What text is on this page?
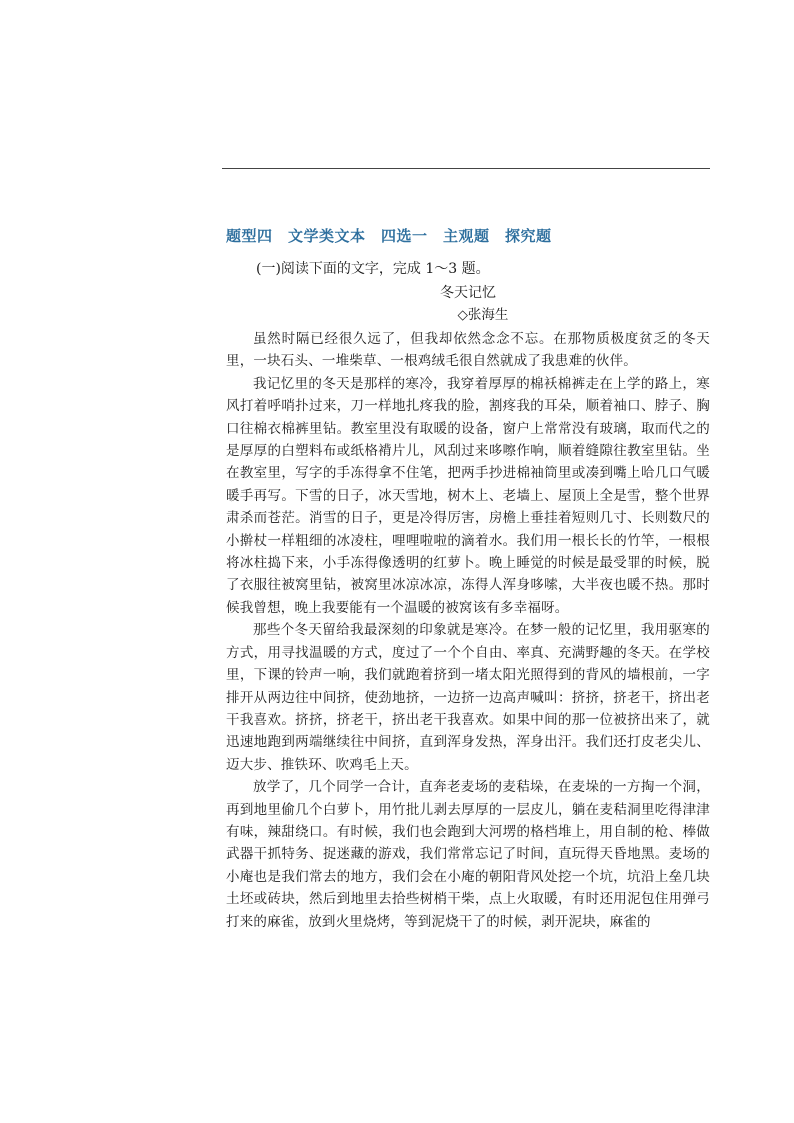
题型四　文学类文本　四选一　主观题　探究题
(一)阅读下面的文字，完成 1～3 题。
冬天记忆
◇张海生

虽然时隔已经很久远了，但我却依然念念不忘。在那物质极度贫乏的冬天里，一块石头、一堆柴草、一根鸡绒毛很自然就成了我患难的伙伴。

我记忆里的冬天是那样的寒冷，我穿着厚厚的棉袄棉裤走在上学的路上，寒风打着呼哨扑过来，刀一样地扎疼我的脸，割疼我的耳朵，顺着袖口、脖子、胸口往棉衣棉裤里钻。教室里没有取暖的设备，窗户上常常没有玻璃，取而代之的是厚厚的白塑料布或纸格褙片儿，风刮过来哆嚓作响，顺着缝隙往教室里钻。坐在教室里，写字的手冻得拿不住笔，把两手抄进棉袖筒里或凑到嘴上哈几口气暖暖手再写。下雪的日子，冰天雪地，树木上、老墙上、屋顶上全是雪，整个世界肃杀而苍茫。消雪的日子，更是冷得厉害，房檐上垂挂着短则几寸、长则数尺的小擀杖一样粗细的冰凌柱，哩哩啦啦的滴着水。我们用一根长长的竹竿，一根根将冰柱捣下来，小手冻得像透明的红萝卜。晚上睡觉的时候是最受罪的时候，脱了衣服往被窝里钻，被窝里冰凉冰凉，冻得人浑身哆嗦，大半夜也暖不热。那时候我曾想，晚上我要能有一个温暖的被窝该有多幸福呀。

那些个冬天留给我最深刻的印象就是寒冷。在梦一般的记忆里，我用驱寒的方式，用寻找温暖的方式，度过了一个个自由、率真、充满野趣的冬天。在学校里，下课的铃声一响，我们就跑着挤到一堵太阳光照得到的背风的墙根前，一字排开从两边往中间挤，使劲地挤，一边挤一边高声喊叫：挤挤，挤老干，挤出老干我喜欢。挤挤，挤老干，挤出老干我喜欢。如果中间的那一位被挤出来了，就迅速地跑到两端继续往中间挤，直到浑身发热，浑身出汗。我们还打皮老尖儿、迈大步、推铁环、吹鸡毛上天。

放学了，几个同学一合计，直奔老麦场的麦秸垛，在麦垛的一方掏一个洞，再到地里偷几个白萝卜，用竹批儿剥去厚厚的一层皮儿，躺在麦秸洞里吃得津津有味，辣甜绕口。有时候，我们也会跑到大河塄的格档堆上，用自制的枪、棒做武器干抓特务、捉迷藏的游戏，我们常常忘记了时间，直玩得天昏地黑。麦场的小庵也是我们常去的地方，我们会在小庵的朝阳背风处挖一个坑，坑沿上垒几块土坯或砖块，然后到地里去拾些树梢干柴，点上火取暖，有时还用泥包住用弹弓打来的麻雀，放到火里烧烤，等到泥烧干了的时候，剥开泥块，麻雀的
